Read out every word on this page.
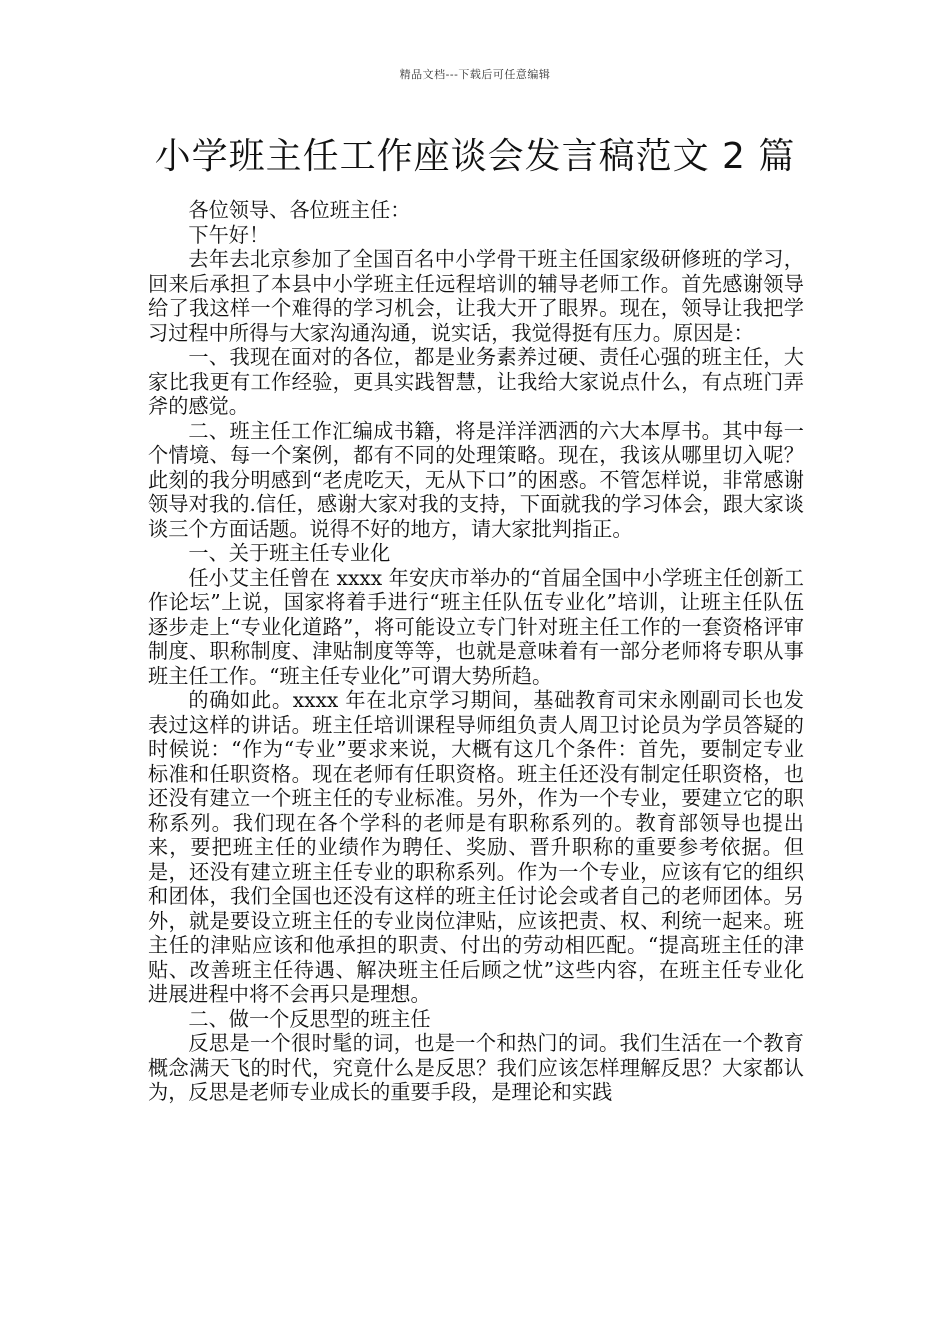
精品文档---下载后可任意编辑
小学班主任工作座谈会发言稿范文 2 篇

各位领导、各位班主任：

下午好！

去年去北京参加了全国百名中小学骨干班主任国家级研修班的学习，回来后承担了本县中小学班主任远程培训的辅导老师工作。首先感谢领导给了我这样一个难得的学习机会，让我大开了眼界。现在，领导让我把学习过程中所得与大家沟通沟通，说实话，我觉得挺有压力。原因是：

一、我现在面对的各位，都是业务素养过硬、责任心强的班主任，大家比我更有工作经验，更具实践智慧，让我给大家说点什么，有点班门弄斧的感觉。

二、班主任工作汇编成书籍，将是洋洋洒洒的六大本厚书。其中每一个情境、每一个案例，都有不同的处理策略。现在，我该从哪里切入呢？此刻的我分明感到“老虎吃天，无从下口”的困惑。不管怎样说，非常感谢领导对我的.信任，感谢大家对我的支持，下面就我的学习体会，跟大家谈谈三个方面话题。说得不好的地方，请大家批判指正。

一、关于班主任专业化

任小艾主任曾在 xxxx 年安庆市举办的“首届全国中小学班主任创新工作论坛”上说，国家将着手进行“班主任队伍专业化”培训，让班主任队伍逐步走上“专业化道路”，将可能设立专门针对班主任工作的一套资格评审制度、职称制度、津贴制度等等，也就是意味着有一部分老师将专职从事班主任工作。“班主任专业化”可谓大势所趋。

的确如此。xxxx 年在北京学习期间，基础教育司宋永刚副司长也发表过这样的讲话。班主任培训课程导师组负责人周卫讨论员为学员答疑的时候说：“作为“专业”要求来说，大概有这几个条件：首先，要制定专业标准和任职资格。现在老师有任职资格。班主任还没有制定任职资格，也还没有建立一个班主任的专业标准。另外，作为一个专业，要建立它的职称系列。我们现在各个学科的老师是有职称系列的。教育部领导也提出来，要把班主任的业绩作为聘任、奖励、晋升职称的重要参考依据。但是，还没有建立班主任专业的职称系列。作为一个专业，应该有它的组织和团体，我们全国也还没有这样的班主任讨论会或者自己的老师团体。另外，就是要设立班主任的专业岗位津贴，应该把责、权、利统一起来。班主任的津贴应该和他承担的职责、付出的劳动相匹配。“提高班主任的津贴、改善班主任待遇、解决班主任后顾之忧”这些内容，在班主任专业化进展进程中将不会再只是理想。

二、做一个反思型的班主任

反思是一个很时髦的词，也是一个和热门的词。我们生活在一个教育概念满天飞的时代，究竟什么是反思？我们应该怎样理解反思？大家都认为，反思是老师专业成长的重要手段，是理论和实践
